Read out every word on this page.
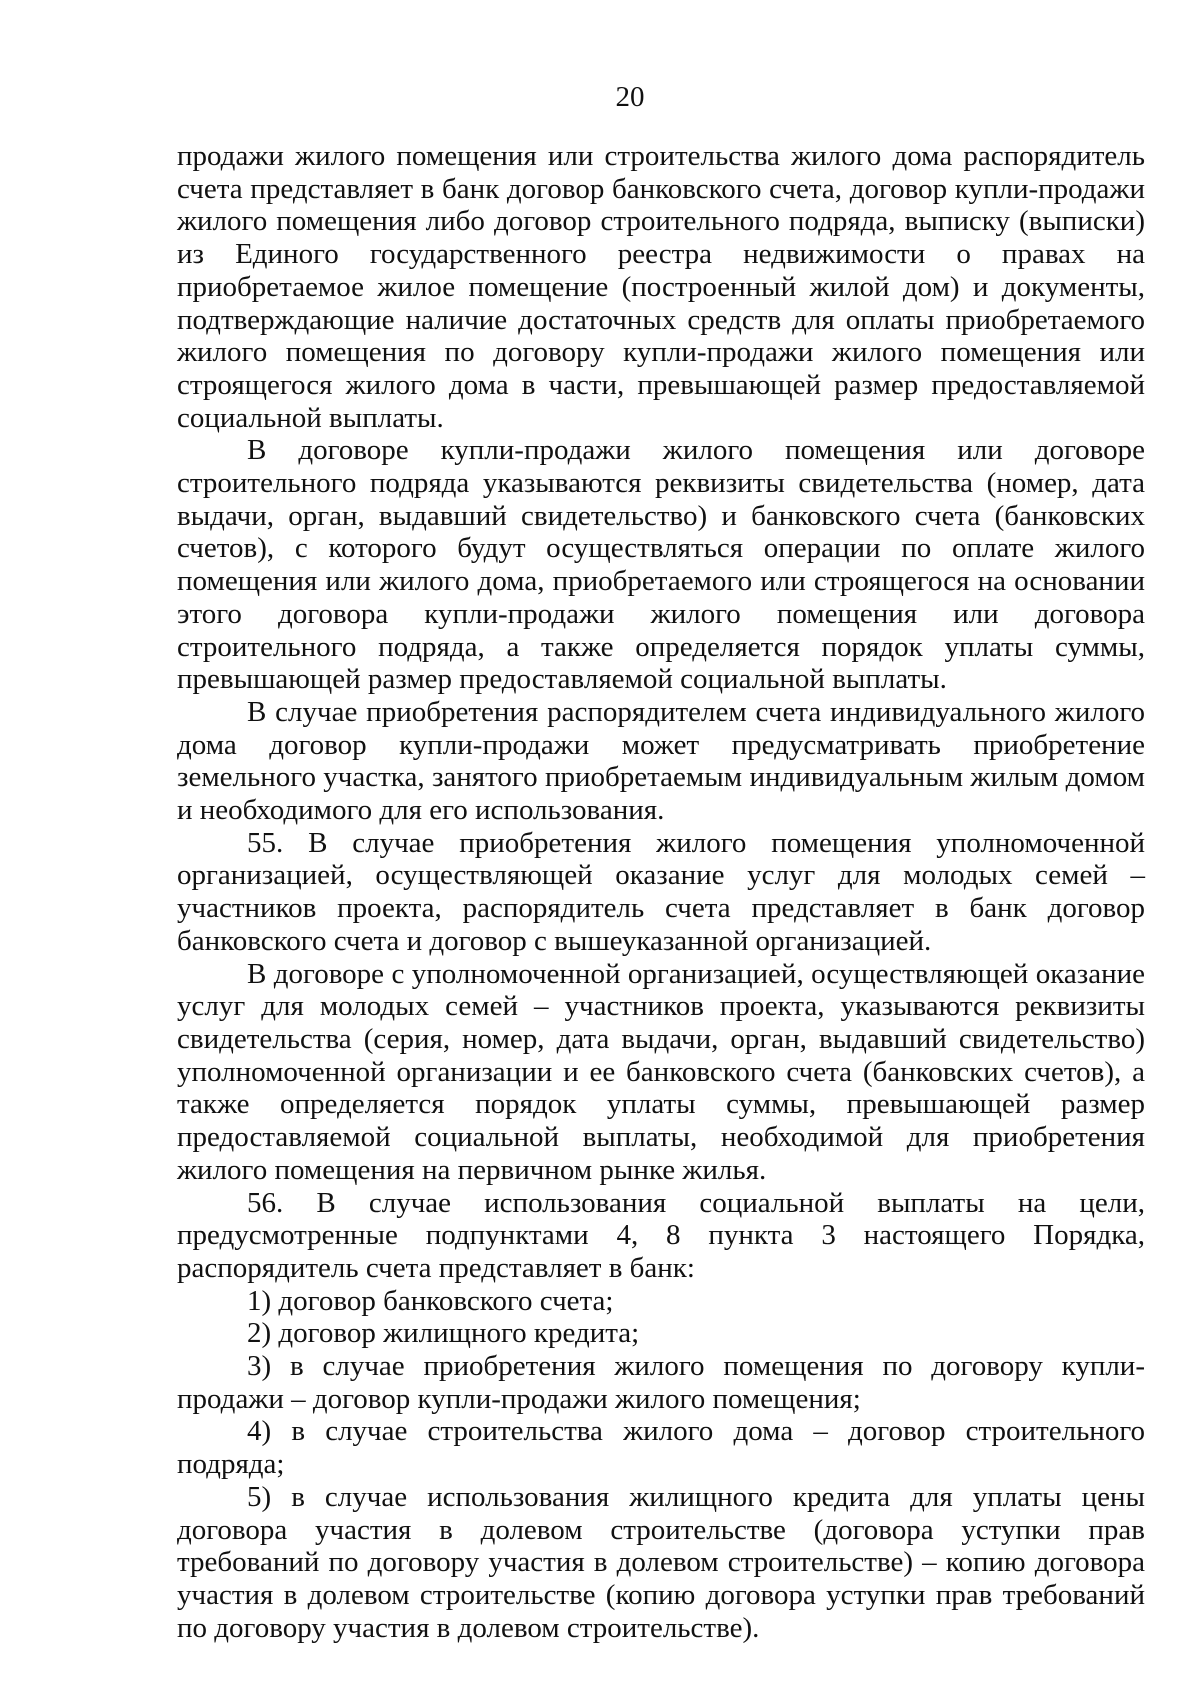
20

продажи жилого помещения или строительства жилого дома распорядитель счета представляет в банк договор банковского счета, договор купли-продажи жилого помещения либо договор строительного подряда, выписку (выписки) из Единого государственного реестра недвижимости о правах на приобретаемое жилое помещение (построенный жилой дом) и документы, подтверждающие наличие достаточных средств для оплаты приобретаемого жилого помещения по договору купли-продажи жилого помещения или строящегося жилого дома в части, превышающей размер предоставляемой социальной выплаты.

В договоре купли-продажи жилого помещения или договоре строительного подряда указываются реквизиты свидетельства (номер, дата выдачи, орган, выдавший свидетельство) и банковского счета (банковских счетов), с которого будут осуществляться операции по оплате жилого помещения или жилого дома, приобретаемого или строящегося на основании этого договора купли-продажи жилого помещения или договора строительного подряда, а также определяется порядок уплаты суммы, превышающей размер предоставляемой социальной выплаты.

В случае приобретения распорядителем счета индивидуального жилого дома договор купли-продажи может предусматривать приобретение земельного участка, занятого приобретаемым индивидуальным жилым домом и необходимого для его использования.

55. В случае приобретения жилого помещения уполномоченной организацией, осуществляющей оказание услуг для молодых семей – участников проекта, распорядитель счета представляет в банк договор банковского счета и договор с вышеуказанной организацией.

В договоре с уполномоченной организацией, осуществляющей оказание услуг для молодых семей – участников проекта, указываются реквизиты свидетельства (серия, номер, дата выдачи, орган, выдавший свидетельство) уполномоченной организации и ее банковского счета (банковских счетов), а также определяется порядок уплаты суммы, превышающей размер предоставляемой социальной выплаты, необходимой для приобретения жилого помещения на первичном рынке жилья.

56. В случае использования социальной выплаты на цели, предусмотренные подпунктами 4, 8 пункта 3 настоящего Порядка, распорядитель счета представляет в банк:

1) договор банковского счета;

2) договор жилищного кредита;

3) в случае приобретения жилого помещения по договору купли-продажи – договор купли-продажи жилого помещения;

4) в случае строительства жилого дома – договор строительного подряда;

5) в случае использования жилищного кредита для уплаты цены договора участия в долевом строительстве (договора уступки прав требований по договору участия в долевом строительстве) – копию договора участия в долевом строительстве (копию договора уступки прав требований по договору участия в долевом строительстве).
